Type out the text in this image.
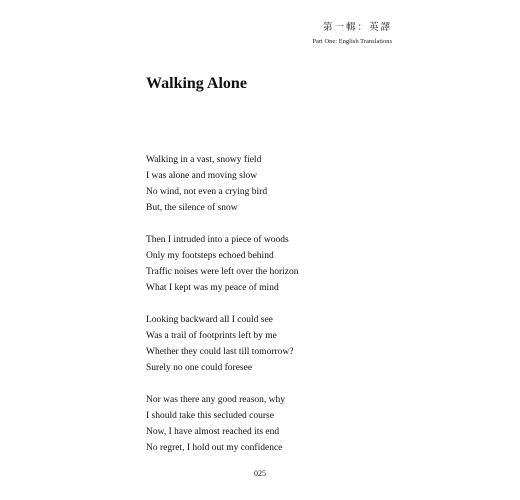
第一輯：英譯
Part One: English Translations
Walking Alone
Walking in a vast, snowy field
I was alone and moving slow
No wind, not even a crying bird
But, the silence of snow
Then I intruded into a piece of woods
Only my footsteps echoed behind
Traffic noises were left over the horizon
What I kept was my peace of mind
Looking backward all I could see
Was a trail of footprints left by me
Whether they could last till tomorrow?
Surely no one could foresee
Nor was there any good reason, why
I should take this secluded course
Now, I have almost reached its end
No regret, I hold out my confidence
025
